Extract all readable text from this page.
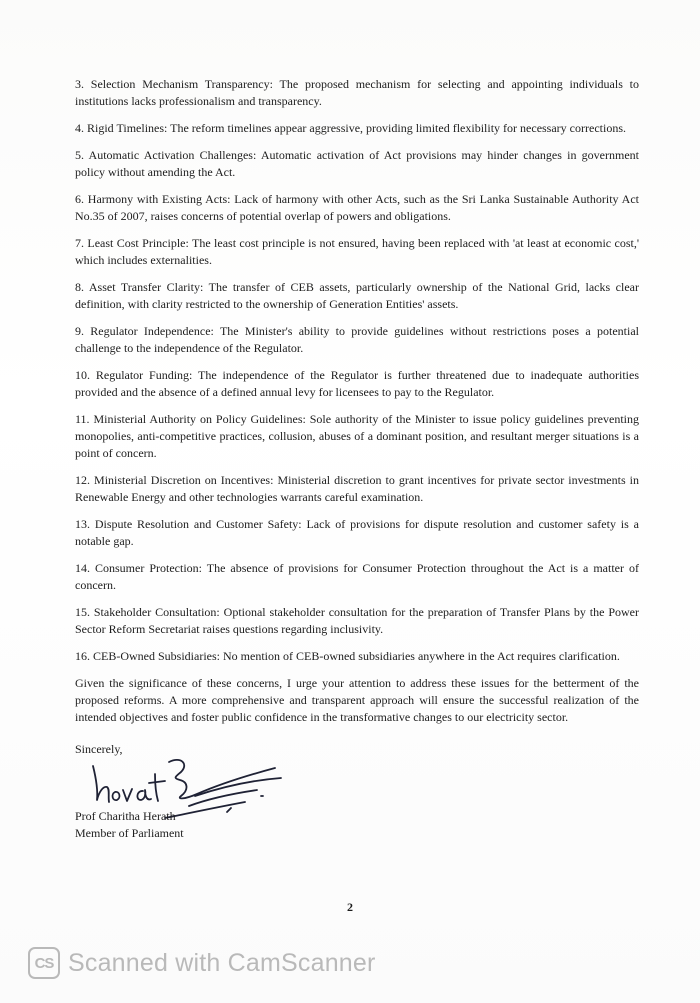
3. Selection Mechanism Transparency: The proposed mechanism for selecting and appointing individuals to institutions lacks professionalism and transparency.

4. Rigid Timelines: The reform timelines appear aggressive, providing limited flexibility for necessary corrections.

5. Automatic Activation Challenges: Automatic activation of Act provisions may hinder changes in government policy without amending the Act.

6. Harmony with Existing Acts: Lack of harmony with other Acts, such as the Sri Lanka Sustainable Authority Act No.35 of 2007, raises concerns of potential overlap of powers and obligations.

7. Least Cost Principle: The least cost principle is not ensured, having been replaced with 'at least at economic cost,' which includes externalities.

8. Asset Transfer Clarity: The transfer of CEB assets, particularly ownership of the National Grid, lacks clear definition, with clarity restricted to the ownership of Generation Entities' assets.

9. Regulator Independence: The Minister's ability to provide guidelines without restrictions poses a potential challenge to the independence of the Regulator.

10. Regulator Funding: The independence of the Regulator is further threatened due to inadequate authorities provided and the absence of a defined annual levy for licensees to pay to the Regulator.

11. Ministerial Authority on Policy Guidelines: Sole authority of the Minister to issue policy guidelines preventing monopolies, anti-competitive practices, collusion, abuses of a dominant position, and resultant merger situations is a point of concern.

12. Ministerial Discretion on Incentives: Ministerial discretion to grant incentives for private sector investments in Renewable Energy and other technologies warrants careful examination.

13. Dispute Resolution and Customer Safety: Lack of provisions for dispute resolution and customer safety is a notable gap.

14. Consumer Protection: The absence of provisions for Consumer Protection throughout the Act is a matter of concern.

15. Stakeholder Consultation: Optional stakeholder consultation for the preparation of Transfer Plans by the Power Sector Reform Secretariat raises questions regarding inclusivity.

16. CEB-Owned Subsidiaries: No mention of CEB-owned subsidiaries anywhere in the Act requires clarification.

Given the significance of these concerns, I urge your attention to address these issues for the betterment of the proposed reforms. A more comprehensive and transparent approach will ensure the successful realization of the intended objectives and foster public confidence in the transformative changes to our electricity sector.

Sincerely,
Prof Charitha Herath
Member of Parliament
2
CS Scanned with CamScanner
